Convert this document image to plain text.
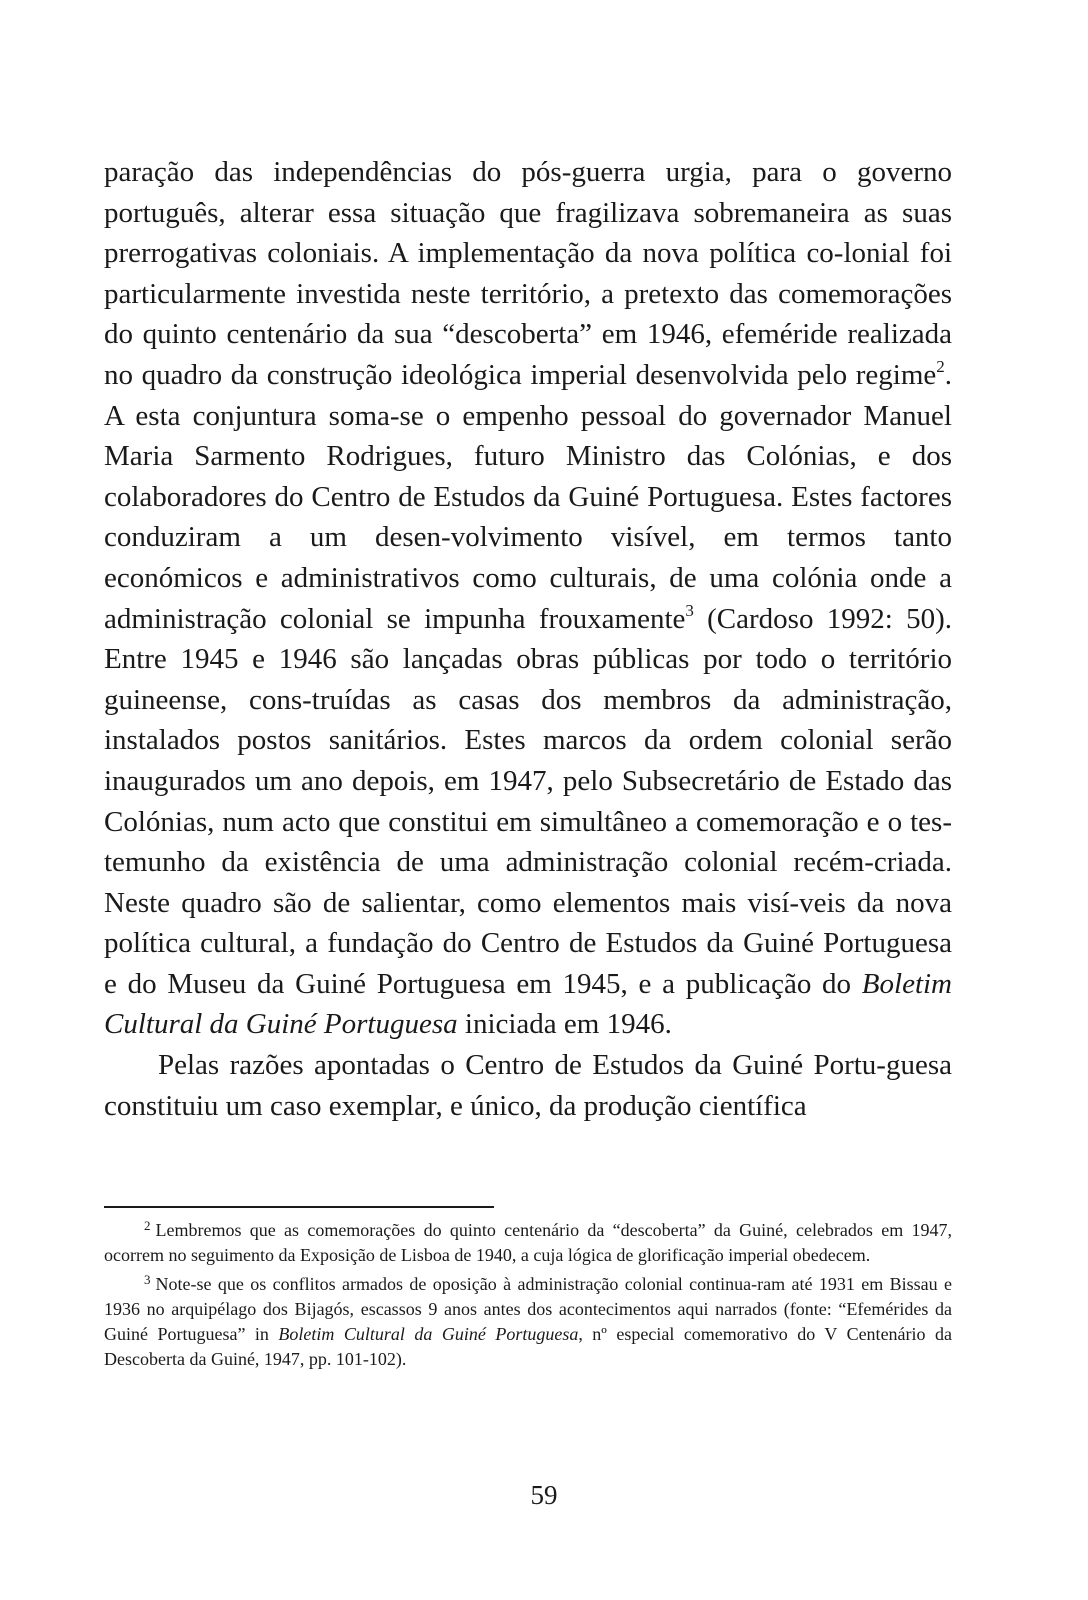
paração das independências do pós-guerra urgia, para o governo português, alterar essa situação que fragilizava sobremaneira as suas prerrogativas coloniais. A implementação da nova política co-lonial foi particularmente investida neste território, a pretexto das comemorações do quinto centenário da sua “descoberta” em 1946, efeméride realizada no quadro da construção ideológica imperial desenvolvida pelo regime$^2$. A esta conjuntura soma-se o empenho pessoal do governador Manuel Maria Sarmento Rodrigues, futuro Ministro das Colónias, e dos colaboradores do Centro de Estudos da Guiné Portuguesa. Estes factores conduziram a um desen-volvimento visível, em termos tanto económicos e administrativos como culturais, de uma colónia onde a administração colonial se impunha frouxamente$^3$ (Cardoso 1992: 50). Entre 1945 e 1946 são lançadas obras públicas por todo o território guineense, cons-truídas as casas dos membros da administração, instalados postos sanitários. Estes marcos da ordem colonial serão inaugurados um ano depois, em 1947, pelo Subsecretário de Estado das Colónias, num acto que constitui em simultâneo a comemoração e o tes-temunho da existência de uma administração colonial recém-criada. Neste quadro são de salientar, como elementos mais visí-veis da nova política cultural, a fundação do Centro de Estudos da Guiné Portuguesa e do Museu da Guiné Portuguesa em 1945, e a publicação do Boletim Cultural da Guiné Portuguesa iniciada em 1946.

Pelas razões apontadas o Centro de Estudos da Guiné Portu-guesa constituiu um caso exemplar, e único, da produção científica

$^2$ Lembremos que as comemorações do quinto centenário da “descoberta” da Guiné, celebrados em 1947, ocorrem no seguimento da Exposição de Lisboa de 1940, a cuja lógica de glorificação imperial obedecem.

$^3$ Note-se que os conflitos armados de oposição à administração colonial continua-ram até 1931 em Bissau e 1936 no arquipélago dos Bijagós, escassos 9 anos antes dos acontecimentos aqui narrados (fonte: “Efemérides da Guiné Portuguesa” in Boletim Cultural da Guiné Portuguesa, nº especial comemorativo do V Centenário da Descoberta da Guiné, 1947, pp. 101-102).

59
